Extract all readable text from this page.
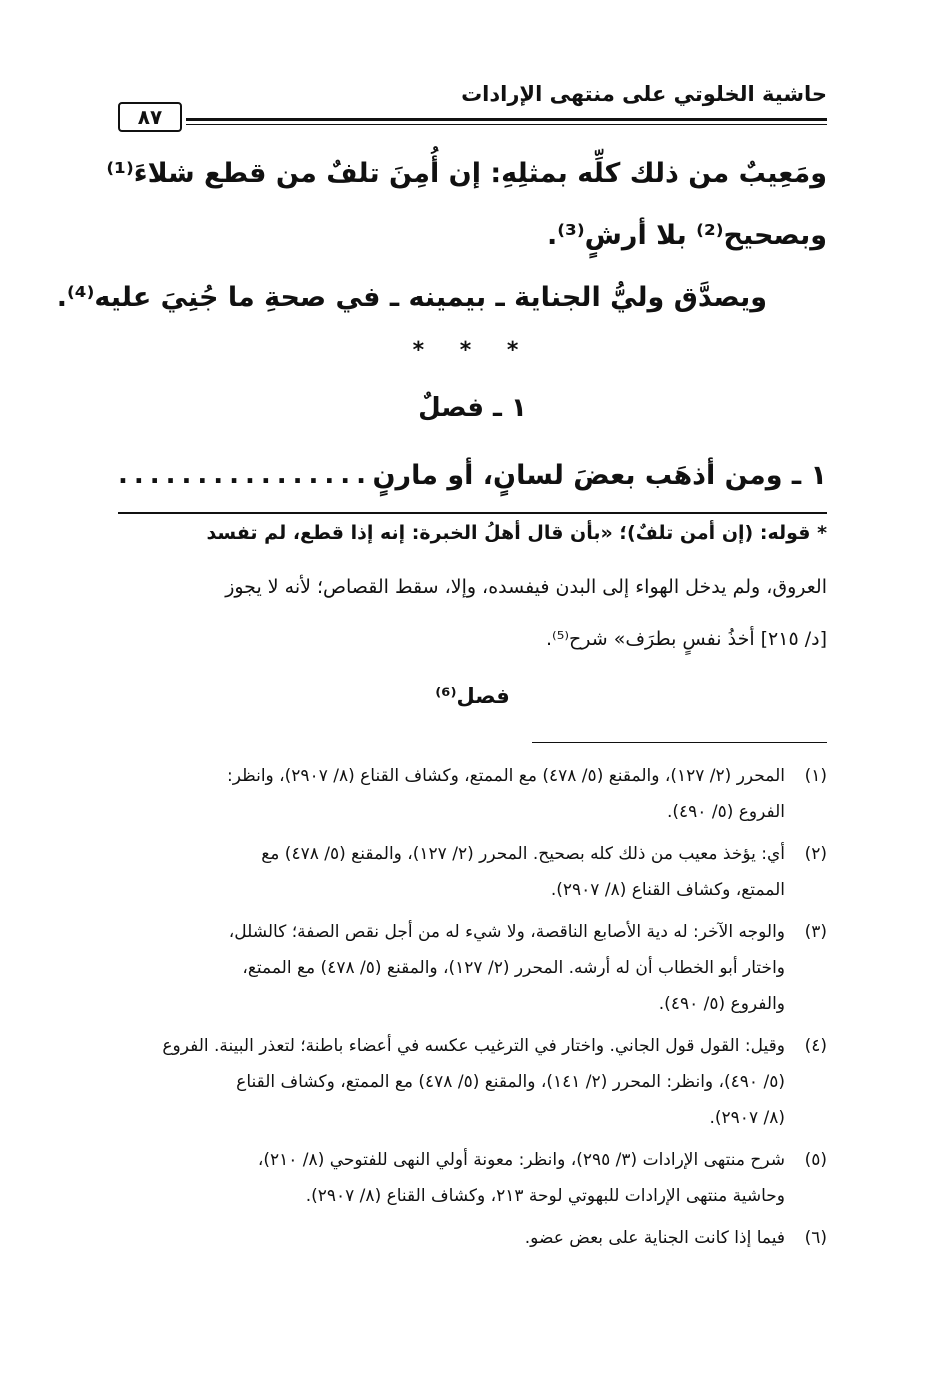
حاشية الخلوتي على منتهى الإرادات
٨٧
ومَعِيبٌ من ذلك كلِّه بمثلِهِ: إن أُمِنَ تلفٌ من قطع شلاءَ⁽¹⁾
وبصحيح⁽²⁾ بلا أرشٍ⁽³⁾.
ويصدَّق وليُّ الجناية ـ بيمينه ـ في صحةِ ما جُنِيَ عليه⁽⁴⁾.
* * *
١ ـ فصلٌ
١ ـ ومن أذهَب بعضَ لسانٍ، أو مارنٍ
................
* قوله: (إن أمن تلفٌ)؛ «بأن قال أهلُ الخبرة: إنه إذا قطع، لم تفسد
العروق، ولم يدخل الهواء إلى البدن فيفسده، وإلا، سقط القصاص؛ لأنه لا يجوز
[د/ ٢١٥] أخذُ نفسٍ بطرَف» شرح⁽⁵⁾.
فصل⁽⁶⁾
(١)
المحرر (٢/ ١٢٧)، والمقنع (٥/ ٤٧٨) مع الممتع، وكشاف القناع (٨/ ٢٩٠٧)، وانظر:
الفروع (٥/ ٤٩٠).
(٢)
أي: يؤخذ معيب من ذلك كله بصحيح. المحرر (٢/ ١٢٧)، والمقنع (٥/ ٤٧٨) مع
الممتع، وكشاف القناع (٨/ ٢٩٠٧).
(٣)
والوجه الآخر: له دية الأصابع الناقصة، ولا شيء له من أجل نقص الصفة؛ كالشلل،
واختار أبو الخطاب أن له أرشه. المحرر (٢/ ١٢٧)، والمقنع (٥/ ٤٧٨) مع الممتع،
والفروع (٥/ ٤٩٠).
(٤)
وقيل: القول قول الجاني. واختار في الترغيب عكسه في أعضاء باطنة؛ لتعذر البينة. الفروع
(٥/ ٤٩٠)، وانظر: المحرر (٢/ ١٤١)، والمقنع (٥/ ٤٧٨) مع الممتع، وكشاف القناع
(٨/ ٢٩٠٧).
(٥)
شرح منتهى الإرادات (٣/ ٢٩٥)، وانظر: معونة أولي النهى للفتوحي (٨/ ٢١٠)،
وحاشية منتهى الإرادات للبهوتي لوحة ٢١٣، وكشاف القناع (٨/ ٢٩٠٧).
(٦)
فيما إذا كانت الجناية على بعض عضو.
